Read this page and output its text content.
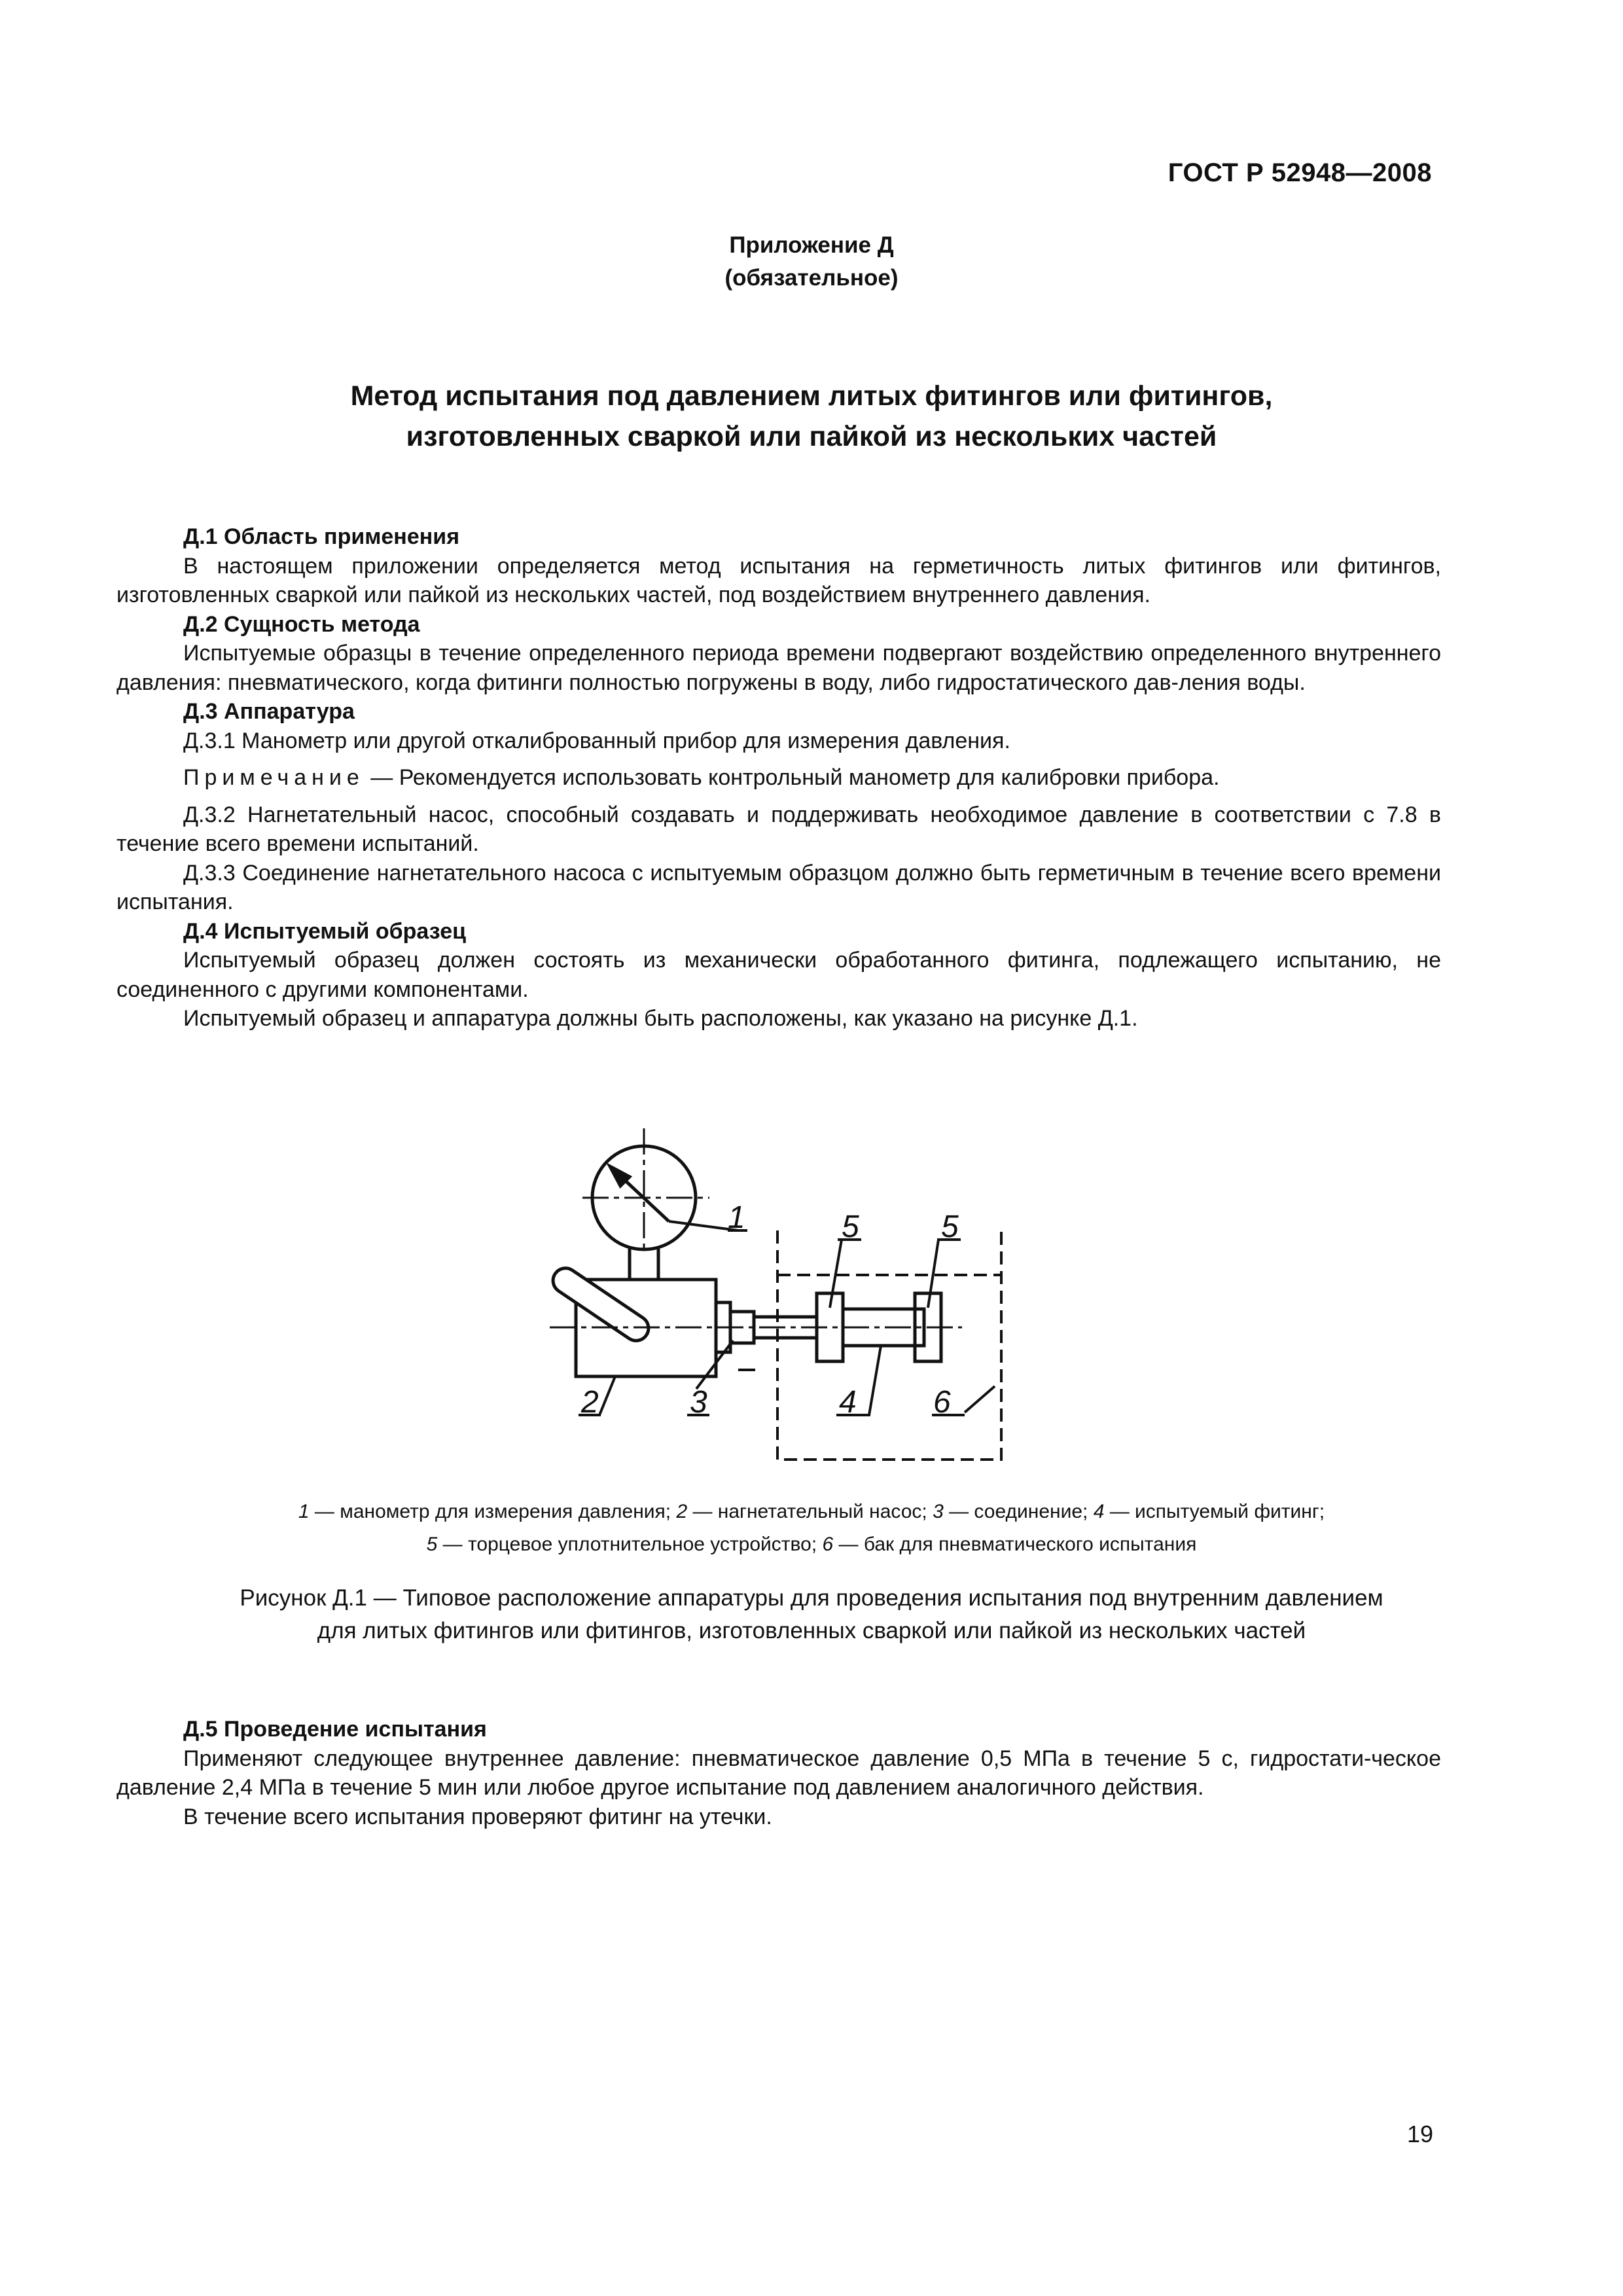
ГОСТ Р 52948—2008
Приложение Д
(обязательное)
Метод испытания под давлением литых фитингов или фитингов,
изготовленных сваркой или пайкой из нескольких частей

Д.1 Область применения

В настоящем приложении определяется метод испытания на герметичность литых фитингов или фитингов, изготовленных сваркой или пайкой из нескольких частей, под воздействием внутреннего давления.

Д.2 Сущность метода

Испытуемые образцы в течение определенного периода времени подвергают воздействию определенного внутреннего давления: пневматического, когда фитинги полностью погружены в воду, либо гидростатического дав-ления воды.

Д.3 Аппаратура

Д.3.1 Манометр или другой откалиброванный прибор для измерения давления.

Примечание — Рекомендуется использовать контрольный манометр для калибровки прибора.

Д.3.2 Нагнетательный насос, способный создавать и поддерживать необходимое давление в соответствии с 7.8 в течение всего времени испытаний.

Д.3.3 Соединение нагнетательного насоса с испытуемым образцом должно быть герметичным в течение всего времени испытания.

Д.4 Испытуемый образец

Испытуемый образец должен состоять из механически обработанного фитинга, подлежащего испытанию, не соединенного с другими компонентами.

Испытуемый образец и аппаратура должны быть расположены, как указано на рисунке Д.1.

1	5	5
2	3	4 6
1 — манометр для измерения давления; 2 — нагнетательный насос; 3 — соединение; 4 — испытуемый фитинг;
5 — торцевое уплотнительное устройство; 6 — бак для пневматического испытания
Рисунок Д.1 — Типовое расположение аппаратуры для проведения испытания под внутренним давлением
для литых фитингов или фитингов, изготовленных сваркой или пайкой из нескольких частей

Д.5 Проведение испытания

Применяют следующее внутреннее давление: пневматическое давление 0,5 МПа в течение 5 с, гидростати-ческое давление 2,4 МПа в течение 5 мин или любое другое испытание под давлением аналогичного действия.

В течение всего испытания проверяют фитинг на утечки.

19
